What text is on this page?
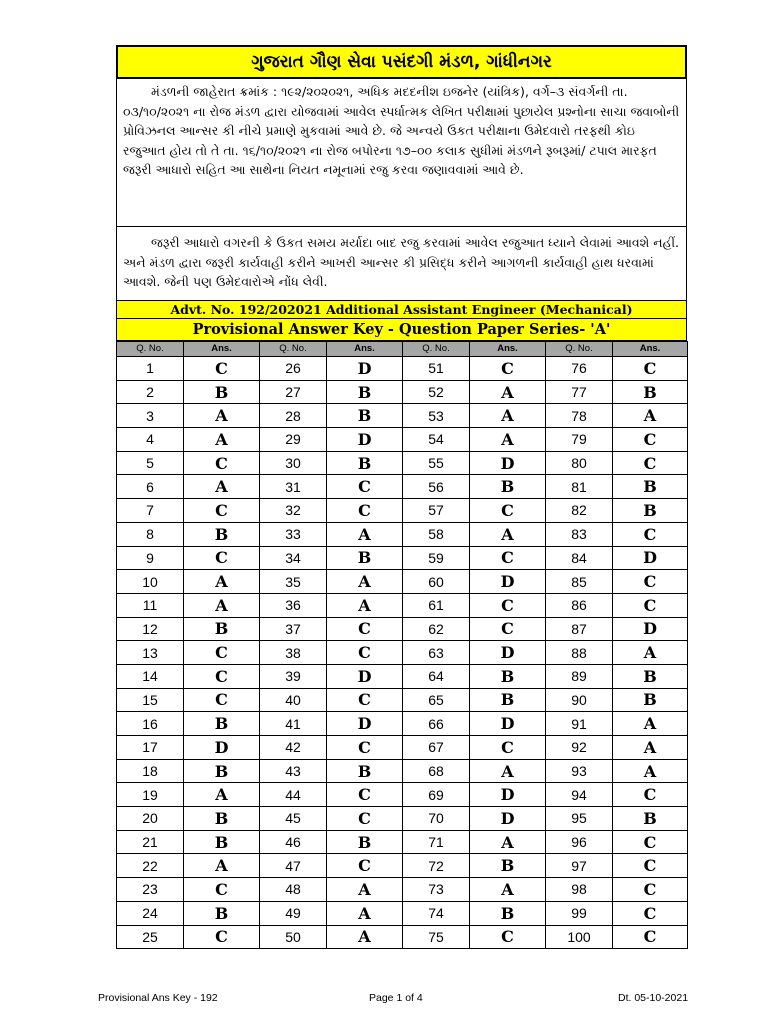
ગુજરાત ગૌણ સેવા પસંદગી મંડળ, ગાંધીનગર
મંડળની જાહેરાત ક્રમાંક : ૧૯૨/૨૦૨૦૨૧, અધિક મદદનીશ ઇજનેર (યાંત્રિક), વર્ગ–૩ સંવર્ગની તા. ૦૩/૧૦/૨૦૨૧ ના રોજ મંડળ દ્વારા યોજવામાં આવેલ સ્પર્ધાત્મક લેખિત પરીક્ષામાં પુછાયેલ પ્રશ્નોના સાચા જવાબોની પ્રોવિઝનલ આન્સર કી નીચે પ્રમાણે મુકવામાં આવે છે. જે અન્વયે ઉકત પરીક્ષાના ઉમેદવારો તરફથી કોઇ રજુઆત હોય તો તે તા. ૧૬/૧૦/૨૦૨૧ ના રોજ બપોરના ૧૭–૦૦ કલાક સુધીમાં મંડળને રૂબરૂમાં/ ટપાલ મારફત જરૂરી આધારો સહિત આ સાથેના નિયત નમૂનામાં રજુ કરવા જણાવવામાં આવે છે.
જરૂરી આધારો વગરની કે ઉકત સમય મર્યાદા બાદ રજુ કરવામાં આવેલ રજુઆત ધ્યાને લેવામાં આવશે નહીં. અને મંડળ દ્વારા જરૂરી કાર્યવાહી કરીને આખરી આન્સર કી પ્રસિદ્ધ કરીને આગળની કાર્યવાહી હાથ ધરવામાં આવશે. જેની પણ ઉમેદવારોએ નોંધ લેવી.
Advt. No. 192/202021 Additional Assistant Engineer (Mechanical)
Provisional Answer Key - Question Paper Series- 'A'
Q. No.	Ans.	Q. No.	Ans.	Q. No.	Ans.	Q. No.	Ans.
1	C	26	D	51	C	76	C
2	B	27	B	52	A	77	B
3	A	28	B	53	A	78	A
4	A	29	D	54	A	79	C
5	C	30	B	55	D	80	C
6	A	31	C	56	B	81	B
7	C	32	C	57	C	82	B
8	B	33	A	58	A	83	C
9	C	34	B	59	C	84	D
10	A	35	A	60	D	85	C
11	A	36	A	61	C	86	C
12	B	37	C	62	C	87	D
13	C	38	C	63	D	88	A
14	C	39	D	64	B	89	B
15	C	40	C	65	B	90	B
16	B	41	D	66	D	91	A
17	D	42	C	67	C	92	A
18	B	43	B	68	A	93	A
19	A	44	C	69	D	94	C
20	B	45	C	70	D	95	B
21	B	46	B	71	A	96	C
22	A	47	C	72	B	97	C
23	C	48	A	73	A	98	C
24	B	49	A	74	B	99	C
25	C	50	A	75	C	100	C
Provisional Ans Key - 192	Page 1 of 4	Dt. 05-10-2021
